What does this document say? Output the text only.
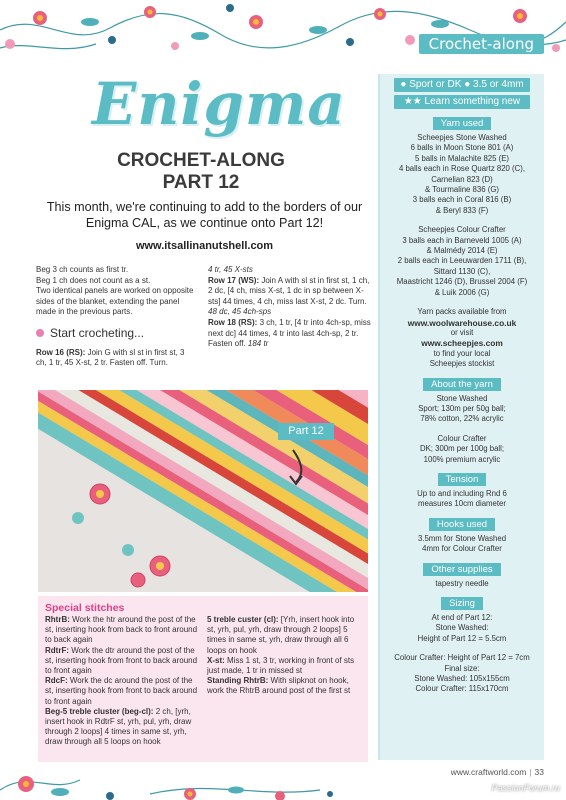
Crochet-along
Enigma
CROCHET-ALONG
PART 12
This month, we're continuing to add to the borders of our Enigma CAL, as we continue onto Part 12!
www.itsallinanutshell.com

Beg 3 ch counts as first tr.

Beg 1 ch does not count as a st.

Two identical panels are worked on opposite sides of the blanket, extending the panel made in the previous parts.

Start crocheting...

Row 16 (RS): Join G with sl st in first st, 3 ch, 1 tr, 45 X-st, 2 tr. Fasten off. Turn.

4 tr, 45 X-sts

Row 17 (WS): Join A with sl st in first st, 1 ch, 2 dc, [4 ch, miss X-st, 1 dc in sp between X-sts] 44 times, 4 ch, miss last X-st, 2 dc. Turn. 48 dc, 45 4ch-sps

Row 18 (RS): 3 ch, 1 tr, [4 tr into 4ch-sp, miss next dc] 44 times, 4 tr into last 4ch-sp, 2 tr. Fasten off. 184 tr

Part 12
Special stitches

RhtrB: Work the htr around the post of the st, inserting hook from back to front around to back again

RdtrF: Work the dtr around the post of the st, inserting hook from front to back around to front again

RdcF: Work the dc around the post of the st, inserting hook from front to back around to front again

Beg-5 treble cluster (beg-cl): 2 ch, [yrh, insert hook in RdtrF st, yrh, pul, yrh, draw through 2 loops] 4 times in same st, yrh, draw through all 5 loops on hook

5 treble custer (cl): [Yrh, insert hook into st, yrh, pul, yrh, draw through 2 loops] 5 times in same st, yrh, draw through all 6 loops on hook

X-st: Miss 1 st, 3 tr, working in front of sts just made, 1 tr in missed st

Standing RhtrB: With slipknot on hook, work the RhtrB around post of the first st

● Sport or DK ● 3.5 or 4mm
★★ Learn something new
Yarn used
Scheepjes Stone Washed
6 balls in Moon Stone 801 (A)
5 balls in Malachite 825 (E)
4 balls each in Rose Quartz 820 (C),
Carnelian 823 (D)
& Tourmaline 836 (G)
3 balls each in Coral 816 (B)
& Beryl 833 (F)
Scheepjes Colour Crafter
3 balls each in Barneveld 1005 (A)
& Malmédy 2014 (E)
2 balls each in Leeuwarden 1711 (B),
Sittard 1130 (C),
Maastricht 1246 (D), Brussel 2004 (F)
& Luik 2006 (G)
Yarn packs available from
www.woolwarehouse.co.uk
or visit
www.scheepjes.com
to find your local
Scheepjes stockist
About the yarn
Stone Washed
Sport; 130m per 50g ball;
78% cotton, 22% acrylic
Colour Crafter
DK; 300m per 100g ball;
100% premium acrylic
Tension
Up to and including Rnd 6
measures 10cm diameter
Hooks used
3.5mm for Stone Washed
4mm for Colour Crafter
Other supplies
tapestry needle
Sizing
At end of Part 12:
Stone Washed:
Height of Part 12 = 5.5cm
Colour Crafter: Height of Part 12 = 7cm
Final size:
Stone Washed: 105x155cm
Colour Crafter: 115x170cm
www.craftworld.com | 33
PassionForum.ru
